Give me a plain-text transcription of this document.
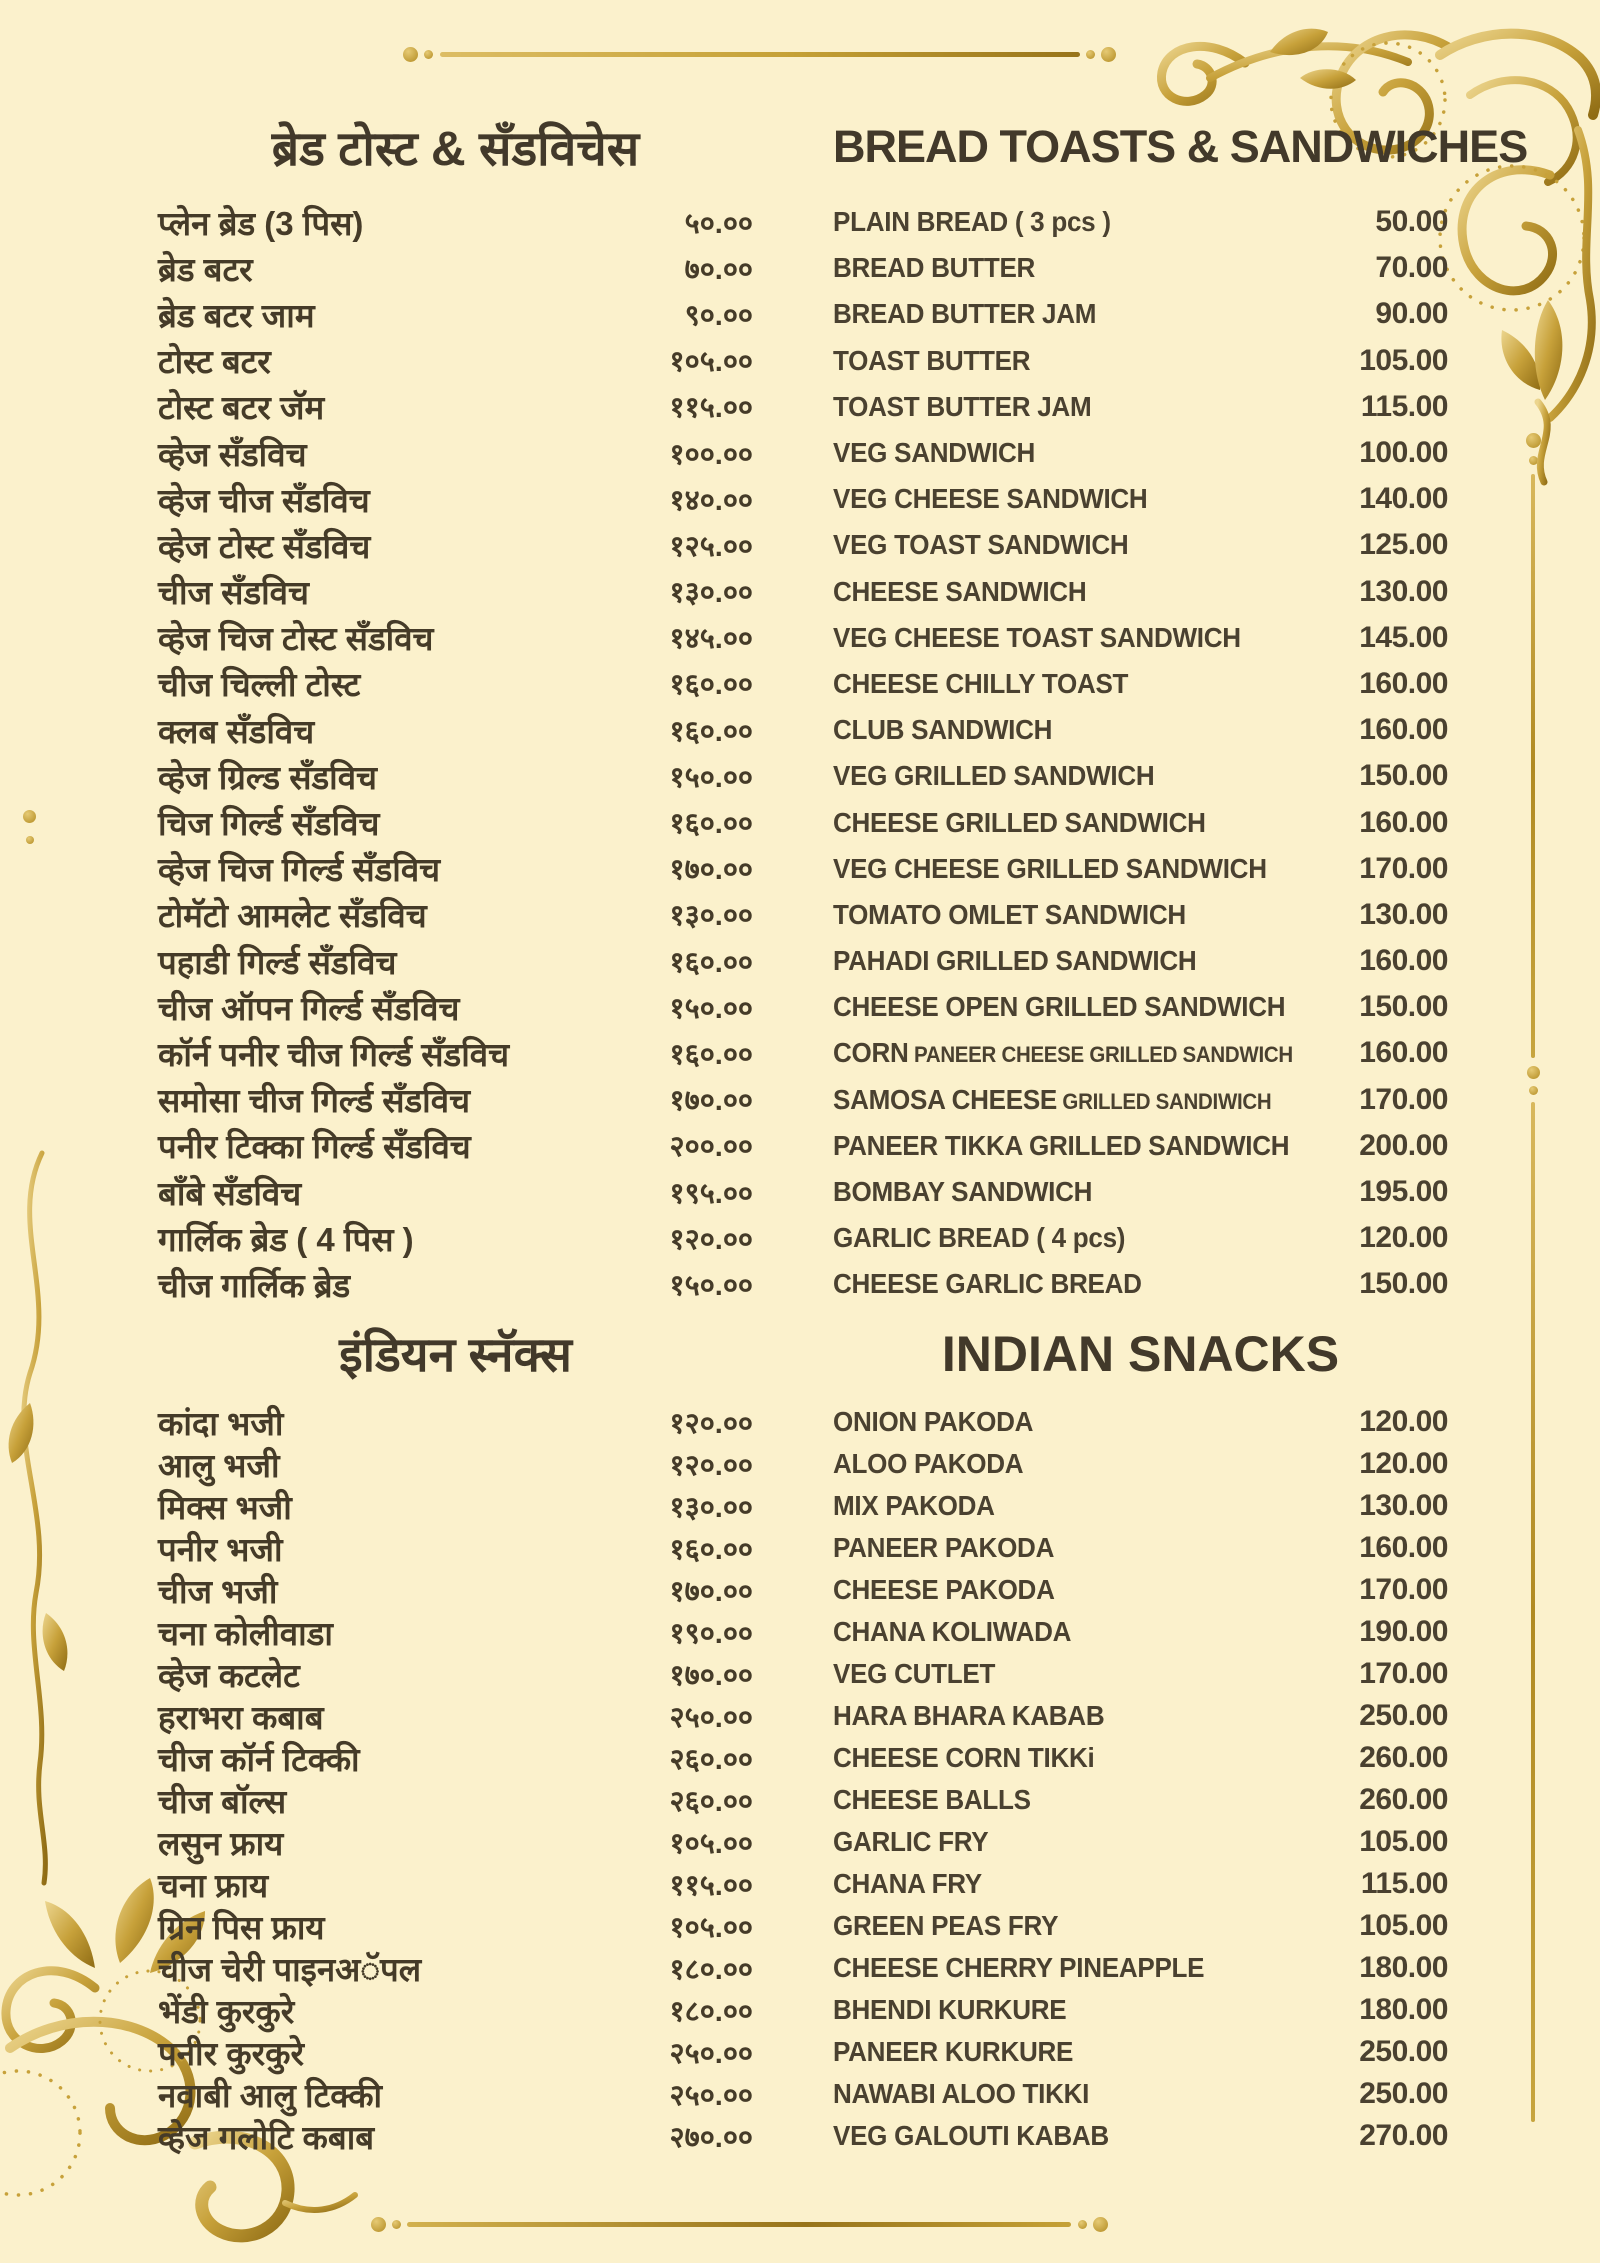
ब्रेड टोस्ट & सँडविचेस	BREAD TOASTS & SANDWICHES
प्लेन ब्रेड (3 पिस)	५०.००	PLAIN BREAD ( 3 pcs )	50.00
ब्रेड बटर	७०.००	BREAD BUTTER	70.00
ब्रेड बटर जाम	९०.००	BREAD BUTTER JAM	90.00
टोस्ट बटर	१०५.००	TOAST BUTTER	105.00
टोस्ट बटर जॅम	११५.००	TOAST BUTTER JAM	115.00
व्हेज सँडविच	१००.००	VEG SANDWICH	100.00
व्हेज चीज सँडविच	१४०.००	VEG CHEESE SANDWICH	140.00
व्हेज टोस्ट सँडविच	१२५.००	VEG TOAST SANDWICH	125.00
चीज सँडविच	१३०.००	CHEESE SANDWICH	130.00
व्हेज चिज टोस्ट सँडविच	१४५.००	VEG CHEESE TOAST SANDWICH	145.00
चीज चिल्ली टोस्ट	१६०.००	CHEESE CHILLY TOAST	160.00
क्लब सँडविच	१६०.००	CLUB SANDWICH	160.00
व्हेज ग्रिल्ड सँडविच	१५०.००	VEG GRILLED SANDWICH	150.00
चिज गिर्ल्ड सँडविच	१६०.००	CHEESE GRILLED SANDWICH	160.00
व्हेज चिज गिर्ल्ड सँडविच	१७०.००	VEG CHEESE GRILLED SANDWICH	170.00
टोमॅटो आमलेट सँडविच	१३०.००	TOMATO OMLET SANDWICH	130.00
पहाडी गिर्ल्ड सँडविच	१६०.००	PAHADI GRILLED SANDWICH	160.00
चीज ऑपन गिर्ल्ड सँडविच	१५०.००	CHEESE OPEN GRILLED SANDWICH	150.00
कॉर्न पनीर चीज गिर्ल्ड सँडविच	१६०.००	CORN PANEER CHEESE GRILLED SANDWICH	160.00
समोसा चीज गिर्ल्ड सँडविच	१७०.००	SAMOSA CHEESE GRILLED SANDIWICH	170.00
पनीर टिक्का गिर्ल्ड सँडविच	२००.००	PANEER TIKKA GRILLED SANDWICH	200.00
बाँबे सँडविच	१९५.००	BOMBAY SANDWICH	195.00
गार्लिक ब्रेड ( 4 पिस )	१२०.००	GARLIC BREAD ( 4 pcs)	120.00
चीज गार्लिक ब्रेड	१५०.००	CHEESE GARLIC BREAD	150.00
इंडियन स्नॅक्स	INDIAN SNACKS
कांदा भजी	१२०.००	ONION PAKODA	120.00
आलु भजी	१२०.००	ALOO PAKODA	120.00
मिक्स भजी	१३०.००	MIX PAKODA	130.00
पनीर भजी	१६०.००	PANEER PAKODA	160.00
चीज भजी	१७०.००	CHEESE PAKODA	170.00
चना कोलीवाडा	१९०.००	CHANA KOLIWADA	190.00
व्हेज कटलेट	१७०.००	VEG CUTLET	170.00
हराभरा कबाब	२५०.००	HARA BHARA KABAB	250.00
चीज कॉर्न टिक्की	२६०.००	CHEESE CORN TIKKi	260.00
चीज बॉल्स	२६०.००	CHEESE BALLS	260.00
लसुन फ्राय	१०५.००	GARLIC FRY	105.00
चना फ्राय	११५.००	CHANA FRY	115.00
ग्रिन पिस फ्राय	१०५.००	GREEN PEAS FRY	105.00
चीज चेरी पाइनअॅपल	१८०.००	CHEESE CHERRY PINEAPPLE	180.00
भेंडी कुरकुरे	१८०.००	BHENDI KURKURE	180.00
पनीर कुरकुरे	२५०.००	PANEER KURKURE	250.00
नवाबी आलु टिक्की	२५०.००	NAWABI ALOO TIKKI	250.00
व्हेज गलोटि कबाब	२७०.००	VEG GALOUTI KABAB	270.00
